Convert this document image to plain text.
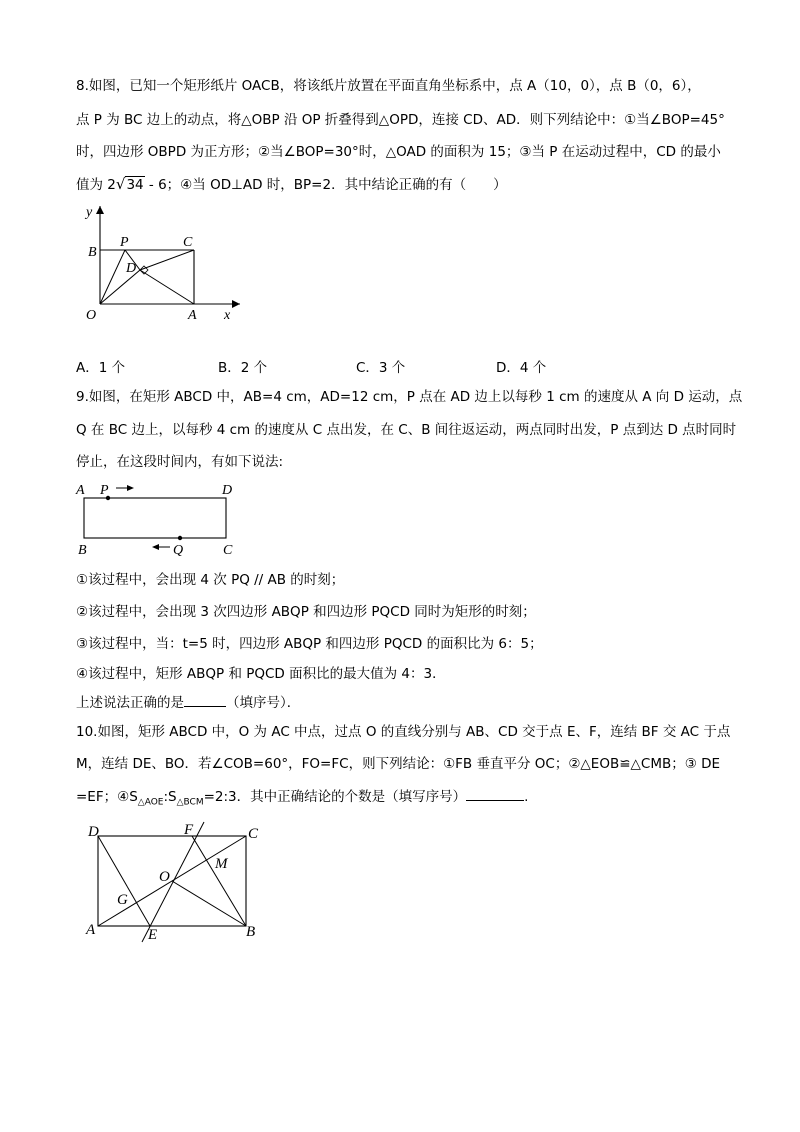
8.如图，已知一个矩形纸片 OACB，将该纸片放置在平面直角坐标系中，点 A（10，0），点 B（0，6），
点 P 为 BC 边上的动点，将△OBP 沿 OP 折叠得到△OPD，连接 CD、AD．则下列结论中：①当∠BOP=45°
时，四边形 OBPD 为正方形；②当∠BOP=30°时，△OAD 的面积为 15；③当 P 在运动过程中，CD 的最小
值为 2√34 - 6；④当 OD⊥AD 时，BP=2．其中结论正确的有（　　）
y
B
P	C
D
O	A x
A．1 个	B．2 个	C．3 个	D．4 个
9.如图，在矩形 ABCD 中，AB=4 cm，AD=12 cm，P 点在 AD 边上以每秒 1 cm 的速度从 A 向 D 运动，点
Q 在 BC 边上，以每秒 4 cm 的速度从 C 点出发，在 C、B 间往返运动，两点同时出发，P 点到达 D 点时同时
停止，在这段时间内，有如下说法:
A P	D
B	Q	C
①该过程中，会出现 4 次 PQ // AB 的时刻；
②该过程中，会出现 3 次四边形 ABQP 和四边形 PQCD 同时为矩形的时刻；
③该过程中，当：t=5 时，四边形 ABQP 和四边形 PQCD 的面积比为 6：5；
④该过程中，矩形 ABQP 和 PQCD 面积比的最大值为 4：3．
上述说法正确的是	（填序号）．
10.如图，矩形 ABCD 中，O 为 AC 中点，过点 O 的直线分别与 AB、CD 交于点 E、F，连结 BF 交 AC 于点
M，连结 DE、BO．若∠COB=60°，FO=FC，则下列结论：①FB 垂直平分 OC；②△EOB≌△CMB；③ DE
=EF；$④S_{\triangle AOE}:S_{\triangle BCM}=2:3$．其中正确结论的个数是（填写序号）	.
D	F	C
M
O
G
A	E	B
